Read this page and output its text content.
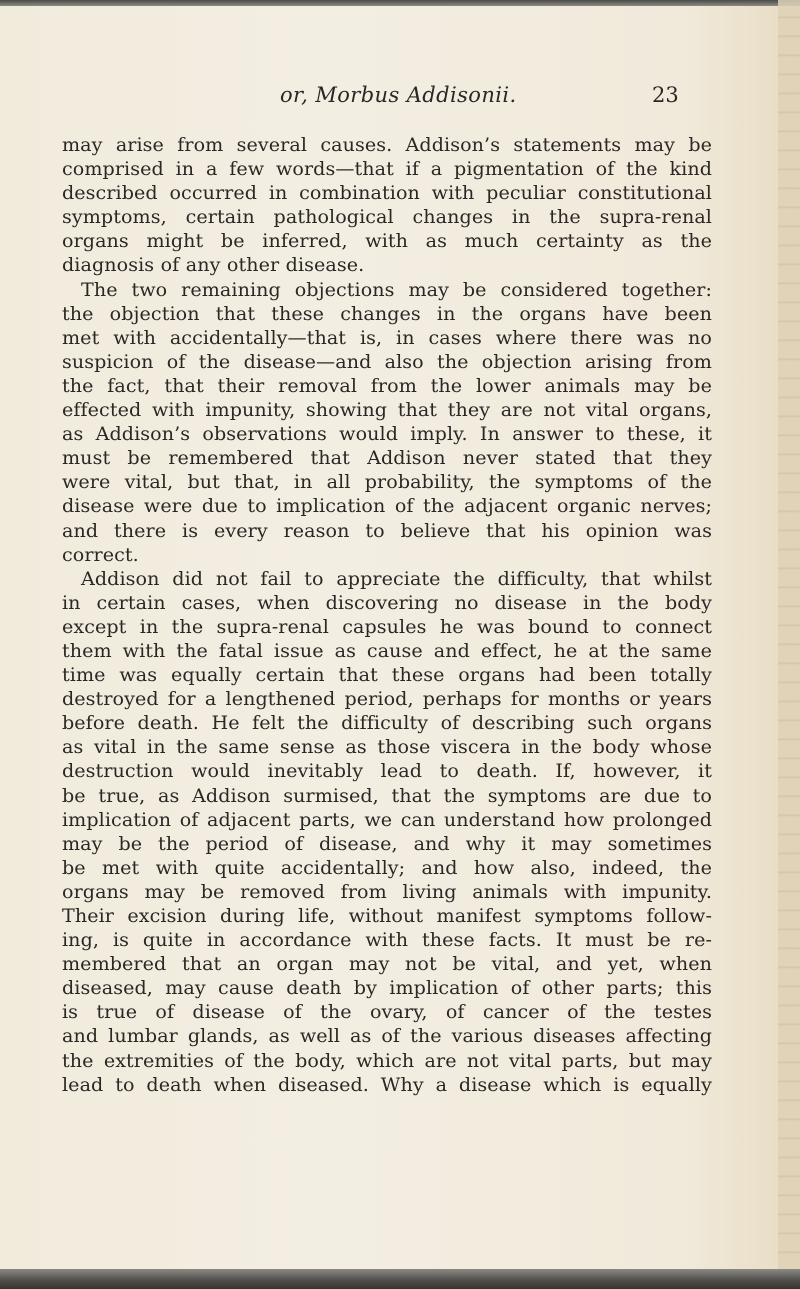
or, Morbus Addisonii.	23
may arise from several causes. Addison’s statements may be
comprised in a few words—that if a pigmentation of the kind
described occurred in combination with peculiar constitutional
symptoms, certain pathological changes in the supra-renal
organs might be inferred, with as much certainty as the
diagnosis of any other disease.
The two remaining objections may be considered together:
the objection that these changes in the organs have been
met with accidentally—that is, in cases where there was no
suspicion of the disease—and also the objection arising from
the fact, that their removal from the lower animals may be
effected with impunity, showing that they are not vital organs,
as Addison’s observations would imply. In answer to these, it
must be remembered that Addison never stated that they
were vital, but that, in all probability, the symptoms of the
disease were due to implication of the adjacent organic nerves;
and there is every reason to believe that his opinion was
correct.
Addison did not fail to appreciate the difficulty, that whilst
in certain cases, when discovering no disease in the body
except in the supra-renal capsules he was bound to connect
them with the fatal issue as cause and effect, he at the same
time was equally certain that these organs had been totally
destroyed for a lengthened period, perhaps for months or years
before death. He felt the difficulty of describing such organs
as vital in the same sense as those viscera in the body whose
destruction would inevitably lead to death. If, however, it
be true, as Addison surmised, that the symptoms are due to
implication of adjacent parts, we can understand how prolonged
may be the period of disease, and why it may sometimes
be met with quite accidentally; and how also, indeed, the
organs may be removed from living animals with impunity.
Their excision during life, without manifest symptoms follow-
ing, is quite in accordance with these facts. It must be re-
membered that an organ may not be vital, and yet, when
diseased, may cause death by implication of other parts; this
is true of disease of the ovary, of cancer of the testes
and lumbar glands, as well as of the various diseases affecting
the extremities of the body, which are not vital parts, but may
lead to death when diseased. Why a disease which is equally
